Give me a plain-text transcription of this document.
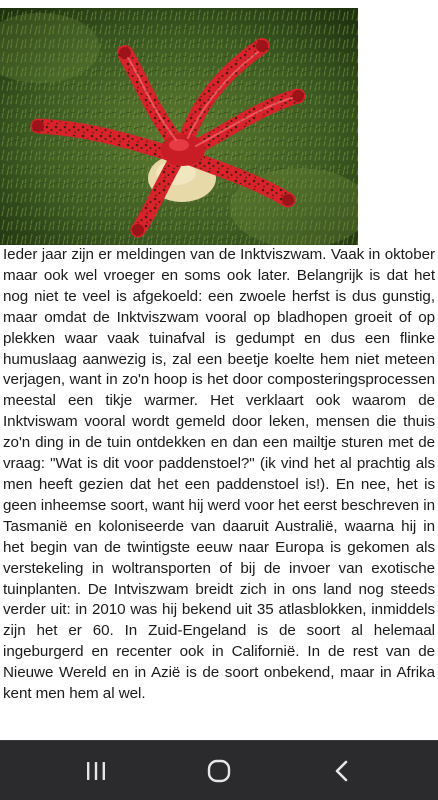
Ieder jaar zijn er meldingen van de Inktviszwam. Vaak in oktober maar ook wel vroeger en soms ook later. Belangrijk is dat het nog niet te veel is afgekoeld: een zwoele herfst is dus gunstig, maar omdat de Inktviszwam vooral op bladhopen groeit of op plekken waar vaak tuinafval is gedumpt en dus een flinke humuslaag aanwezig is, zal een beetje koelte hem niet meteen verjagen, want in zo'n hoop is het door composteringsprocessen meestal een tikje warmer. Het verklaart ook waarom de Inktviswam vooral wordt gemeld door leken, mensen die thuis zo'n ding in de tuin ontdekken en dan een mailtje sturen met de vraag: "Wat is dit voor paddenstoel?" (ik vind het al prachtig als men heeft gezien dat het een paddenstoel is!). En nee, het is geen inheemse soort, want hij werd voor het eerst beschreven in Tasmanië en koloniseerde van daaruit Australië, waarna hij in het begin van de twintigste eeuw naar Europa is gekomen als verstekeling in woltransporten of bij de invoer van exotische tuinplanten. De Intviszwam breidt zich in ons land nog steeds verder uit: in 2010 was hij bekend uit 35 atlasblokken, inmiddels zijn het er 60. In Zuid-Engeland is de soort al helemaal ingeburgerd en recenter ook in Californië. In de rest van de Nieuwe Wereld en in Azië is de soort onbekend, maar in Afrika kent men hem al wel.
